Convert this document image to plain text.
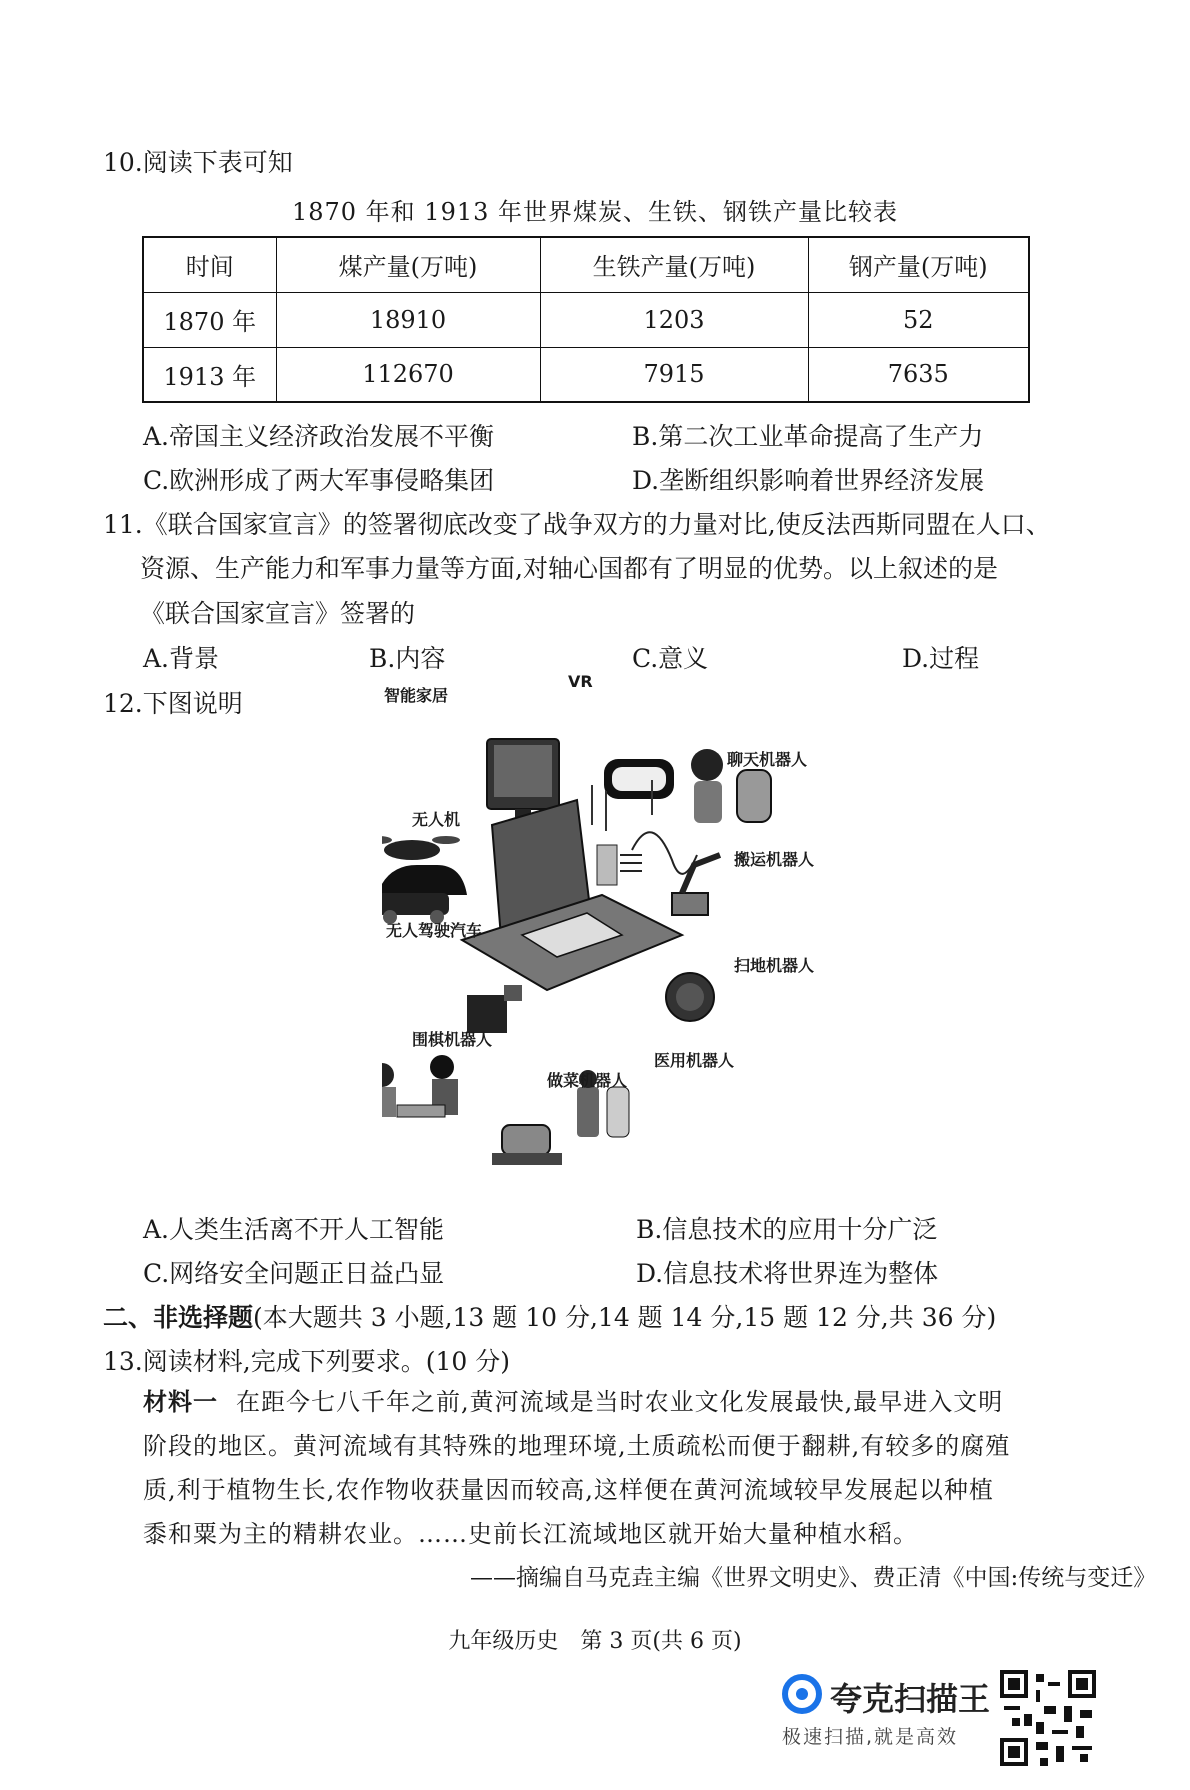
10.阅读下表可知
1870 年和 1913 年世界煤炭、生铁、钢铁产量比较表
时间	煤产量(万吨)	生铁产量(万吨)	钢产量(万吨)
1870 年	18910	1203	52
1913 年	112670	7915	7635
A.帝国主义经济政治发展不平衡	B.第二次工业革命提高了生产力
C.欧洲形成了两大军事侵略集团	D.垄断组织影响着世界经济发展
11.《联合国家宣言》的签署彻底改变了战争双方的力量对比,使反法西斯同盟在人口、
资源、生产能力和军事力量等方面,对轴心国都有了明显的优势。以上叙述的是
《联合国家宣言》签署的
A.背景	B.内容	C.意义	D.过程
12.下图说明	智能家居
VR
聊天机器人
无人机
搬运机器人
无人驾驶汽车
扫地机器人
围棋机器人
做菜机器人
医用机器人
A.人类生活离不开人工智能	B.信息技术的应用十分广泛
C.网络安全问题正日益凸显	D.信息技术将世界连为整体
二、非选择题(本大题共 3 小题,13 题 10 分,14 题 14 分,15 题 12 分,共 36 分)
13.阅读材料,完成下列要求。(10 分)
材料一 在距今七八千年之前,黄河流域是当时农业文化发展最快,最早进入文明
阶段的地区。黄河流域有其特殊的地理环境,土质疏松而便于翻耕,有较多的腐殖
质,利于植物生长,农作物收获量因而较高,这样便在黄河流域较早发展起以种植
黍和粟为主的精耕农业。……史前长江流域地区就开始大量种植水稻。
——摘编自马克垚主编《世界文明史》、费正清《中国:传统与变迁》
九年级历史　第 3 页(共 6 页)
夸克扫描王
极速扫描,就是高效
